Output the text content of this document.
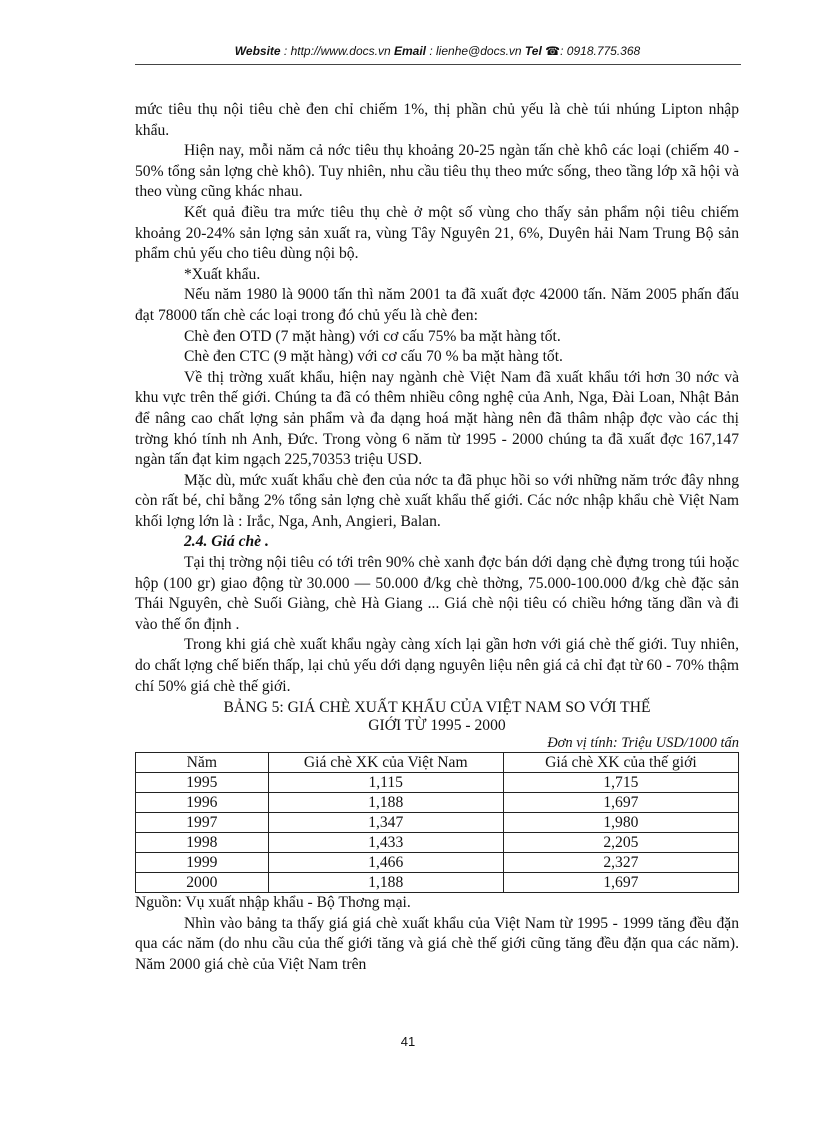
Website : http://www.docs.vn Email : lienhe@docs.vn Tel ☎: 0918.775.368

mức tiêu thụ nội tiêu chè đen chỉ chiếm 1%, thị phần chủ yếu là chè túi nhúng Lipton nhập khẩu.

Hiện nay, mỗi năm cả nớc tiêu thụ khoảng 20-25 ngàn tấn chè khô các loại (chiếm 40 - 50% tổng sản lợng chè khô). Tuy nhiên, nhu cầu tiêu thụ theo mức sống, theo tầng lớp xã hội và theo vùng cũng khác nhau.

Kết quả điều tra mức tiêu thụ chè ở một số vùng cho thấy sản phẩm nội tiêu chiếm khoảng 20-24% sản lợng sản xuất ra, vùng Tây Nguyên 21, 6%, Duyên hải Nam Trung Bộ sản phẩm chủ yếu cho tiêu dùng nội bộ.

*Xuất khẩu.

Nếu năm 1980 là 9000 tấn thì năm 2001 ta đã xuất đợc 42000 tấn. Năm 2005 phấn đấu đạt 78000 tấn chè các loại trong đó chủ yếu là chè đen:

Chè đen OTD (7 mặt hàng) với cơ cấu 75% ba mặt hàng tốt.

Chè đen CTC (9 mặt hàng) với cơ cấu 70 % ba mặt hàng tốt.

Về thị trờng xuất khẩu, hiện nay ngành chè Việt Nam đã xuất khẩu tới hơn 30 nớc và khu vực trên thế giới. Chúng ta đã có thêm nhiều công nghệ của Anh, Nga, Đài Loan, Nhật Bản để nâng cao chất lợng sản phẩm và đa dạng hoá mặt hàng nên đã thâm nhập đợc vào các thị trờng khó tính nh Anh, Đức. Trong vòng 6 năm từ 1995 - 2000 chúng ta đã xuất đợc 167,147 ngàn tấn đạt kim ngạch 225,70353 triệu USD.

Mặc dù, mức xuất khẩu chè đen của nớc ta đã phục hồi so với những năm trớc đây nhng còn rất bé, chỉ bằng 2% tổng sản lợng chè xuất khẩu thế giới. Các nớc nhập khẩu chè Việt Nam khối lợng lớn là : Irắc, Nga, Anh, Angieri, Balan.

2.4. Giá chè .

Tại thị trờng nội tiêu có tới trên 90% chè xanh đợc bán dới dạng chè đựng trong túi hoặc hộp (100 gr) giao động từ 30.000 — 50.000 đ/kg chè thờng, 75.000-100.000 đ/kg chè đặc sản Thái Nguyên, chè Suối Giàng, chè Hà Giang ... Giá chè nội tiêu có chiều hớng tăng dần và đi vào thế ổn định .

Trong khi giá chè xuất khẩu ngày càng xích lại gần hơn với giá chè thế giới. Tuy nhiên, do chất lợng chế biến thấp, lại chủ yếu dới dạng nguyên liệu nên giá cả chỉ đạt từ 60 - 70% thậm chí 50% giá chè thế giới.

BẢNG 5: GIÁ CHÈ XUẤT KHẨU CỦA VIỆT NAM SO VỚI THẾ
GIỚI TỪ 1995 - 2000

Đơn vị tính: Triệu USD/1000 tấn

Năm	Giá chè XK của Việt Nam	Giá chè XK của thế giới
1995	1,115	1,715
1996	1,188	1,697
1997	1,347	1,980
1998	1,433	2,205
1999	1,466	2,327
2000	1,188	1,697

Nguồn: Vụ xuất nhập khẩu - Bộ Thơng mại.

Nhìn vào bảng ta thấy giá giá chè xuất khẩu của Việt Nam từ 1995 - 1999 tăng đều đặn qua các năm (do nhu cầu của thế giới tăng và giá chè thế giới cũng tăng đều đặn qua các năm). Năm 2000 giá chè của Việt Nam trên

41
